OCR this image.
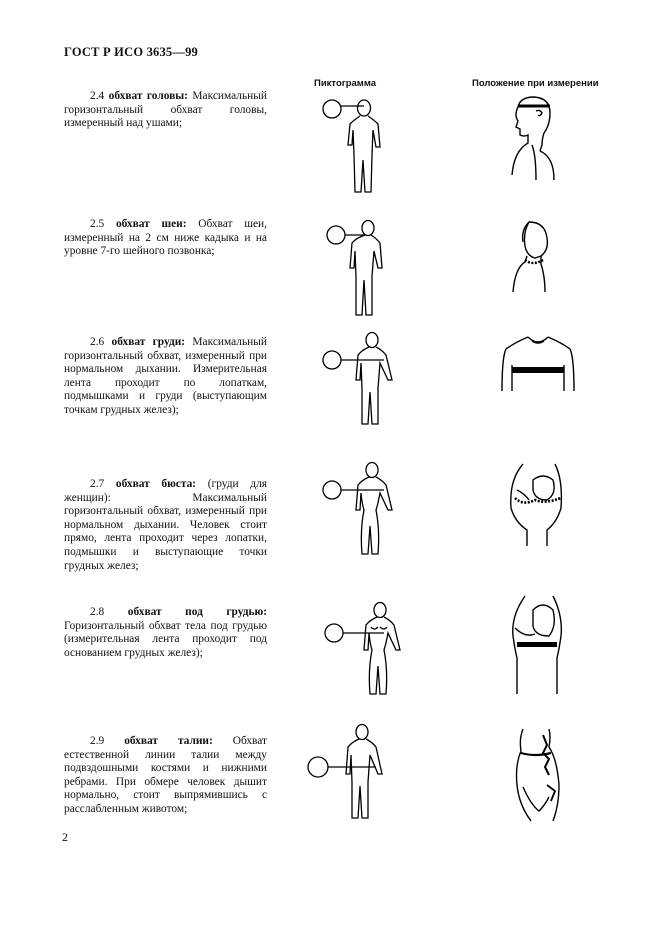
ГОСТ Р ИСО 3635—99
Пиктограмма	Положение при измерении
2.4 обхват головы: Максимальный горизонтальный обхват головы, измеренный над ушами;
2.5 обхват шеи: Обхват шеи, измеренный на 2 см ниже кадыка и на уровне 7-го шейного позвонка;
2.6 обхват груди: Максимальный горизонтальный обхват, измеренный при нормальном дыхании. Измерительная лента проходит по лопаткам, подмышками и груди (выступающим точкам грудных желез);
2.7 обхват бюста: (груди для женщин): Максимальный горизонтальный обхват, измеренный при нормальном дыхании. Человек стоит прямо, лента проходит через лопатки, подмышки и выступающие точки грудных желез;
2.8 обхват под грудью: Горизонтальный обхват тела под грудью (измерительная лента проходит под основанием грудных желез);
2.9 обхват талии: Обхват естественной линии талии между подвздошными костями и нижними ребрами. При обмере человек дышит нормально, стоит выпрямившись с расслабленным животом;
2
